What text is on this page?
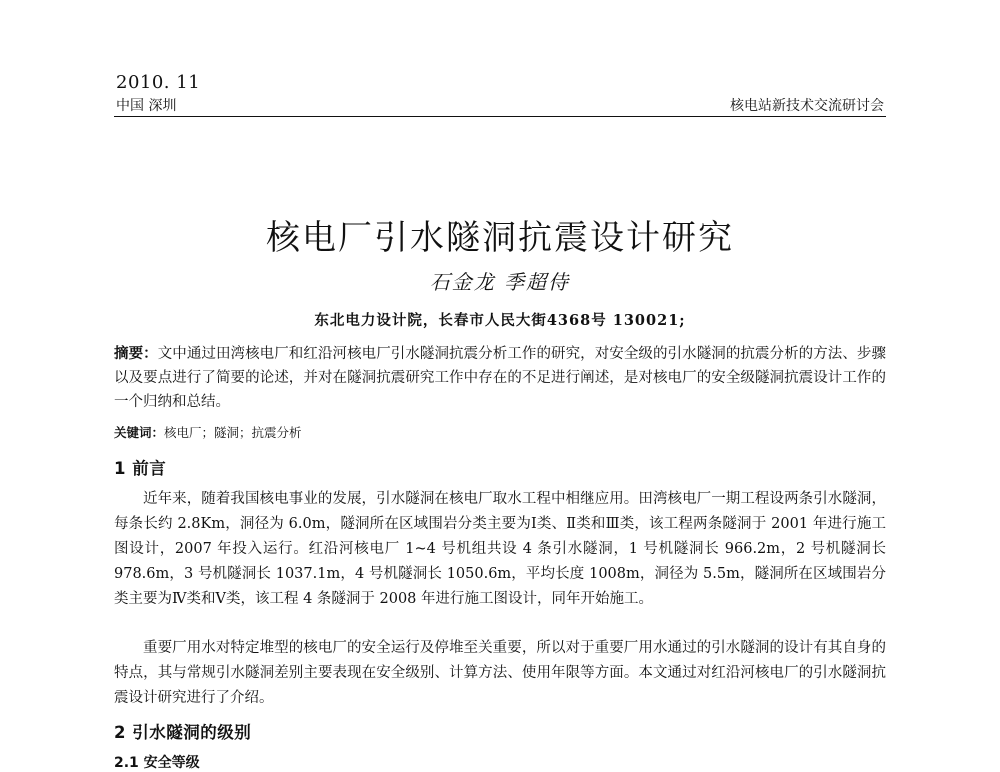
2010. 11
中国 深圳	核电站新技术交流研讨会
核电厂引水隧洞抗震设计研究
石金龙 季超侍
东北电力设计院，长春市人民大街4368号 130021;

摘要：文中通过田湾核电厂和红沿河核电厂引水隧洞抗震分析工作的研究，对安全级的引水隧洞的抗震分析的方法、步骤以及要点进行了简要的论述，并对在隧洞抗震研究工作中存在的不足进行阐述，是对核电厂的安全级隧洞抗震设计工作的一个归纳和总结。

关键词：核电厂；隧洞；抗震分析

1 前言

近年来，随着我国核电事业的发展，引水隧洞在核电厂取水工程中相继应用。田湾核电厂一期工程设两条引水隧洞，每条长约 2.8Km，洞径为 6.0m，隧洞所在区域围岩分类主要为Ⅰ类、Ⅱ类和Ⅲ类，该工程两条隧洞于 2001 年进行施工图设计，2007 年投入运行。红沿河核电厂 1~4 号机组共设 4 条引水隧洞，1 号机隧洞长 966.2m，2 号机隧洞长 978.6m，3 号机隧洞长 1037.1m，4 号机隧洞长 1050.6m，平均长度 1008m，洞径为 5.5m，隧洞所在区域围岩分类主要为Ⅳ类和Ⅴ类，该工程 4 条隧洞于 2008 年进行施工图设计，同年开始施工。

重要厂用水对特定堆型的核电厂的安全运行及停堆至关重要，所以对于重要厂用水通过的引水隧洞的设计有其自身的特点，其与常规引水隧洞差别主要表现在安全级别、计算方法、使用年限等方面。本文通过对红沿河核电厂的引水隧洞抗震设计研究进行了介绍。

2 引水隧洞的级别
2.1 安全等级
